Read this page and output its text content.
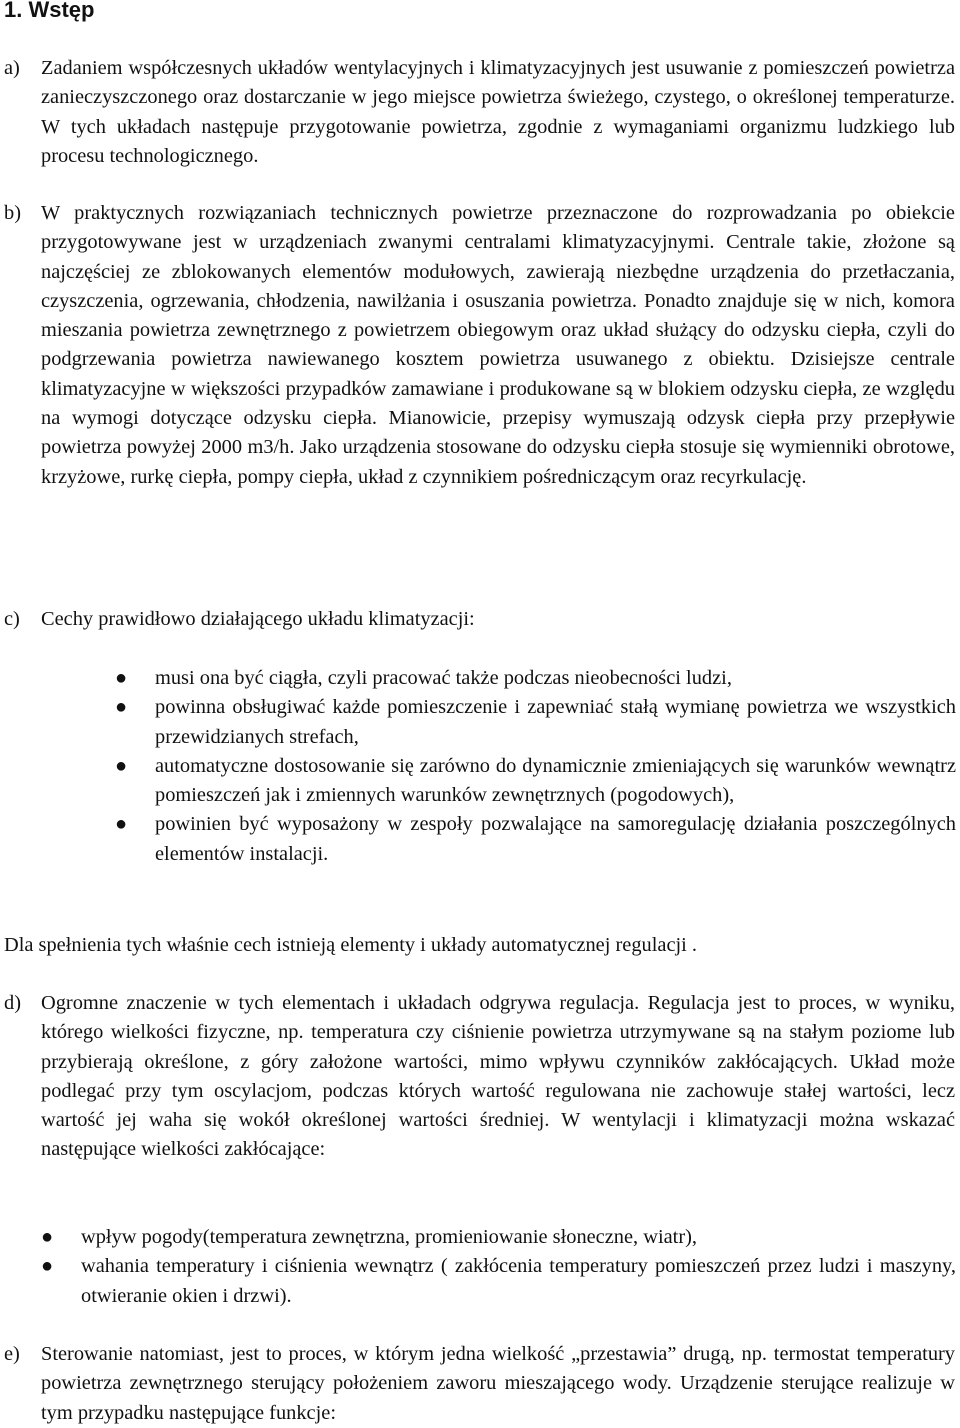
1. Wstęp
a) Zadaniem współczesnych układów wentylacyjnych i klimatyzacyjnych jest usuwanie z pomieszczeń powietrza zanieczyszczonego oraz dostarczanie w jego miejsce powietrza świeżego, czystego, o określonej temperaturze. W tych układach następuje przygotowanie powietrza, zgodnie z wymaganiami organizmu ludzkiego lub procesu technologicznego.
b) W praktycznych rozwiązaniach technicznych powietrze przeznaczone do rozprowadzania po obiekcie przygotowywane jest w urządzeniach zwanymi centralami klimatyzacyjnymi. Centrale takie, złożone są najczęściej ze zblokowanych elementów modułowych, zawierają niezbędne urządzenia do przetłaczania, czyszczenia, ogrzewania, chłodzenia, nawilżania i osuszania powietrza. Ponadto znajduje się w nich, komora mieszania powietrza zewnętrznego z powietrzem obiegowym oraz układ służący do odzysku ciepła, czyli do podgrzewania powietrza nawiewanego kosztem powietrza usuwanego z obiektu. Dzisiejsze centrale klimatyzacyjne w większości przypadków zamawiane i produkowane są w blokiem odzysku ciepła, ze względu na wymogi dotyczące odzysku ciepła. Mianowicie, przepisy wymuszają odzysk ciepła przy przepływie powietrza powyżej 2000 m3/h. Jako urządzenia stosowane do odzysku ciepła stosuje się wymienniki obrotowe, krzyżowe, rurkę ciepła, pompy ciepła, układ z czynnikiem pośredniczącym oraz recyrkulację.
c) Cechy prawidłowo działającego układu klimatyzacji:
● musi ona być ciągła, czyli pracować także podczas nieobecności ludzi,
● powinna obsługiwać każde pomieszczenie i zapewniać stałą wymianę powietrza we wszystkich przewidzianych strefach,
● automatyczne dostosowanie się zarówno do dynamicznie zmieniających się warunków wewnątrz pomieszczeń jak i zmiennych warunków zewnętrznych (pogodowych),
● powinien być wyposażony w zespoły pozwalające na samoregulację działania poszczególnych elementów instalacji.
Dla spełnienia tych właśnie cech istnieją elementy i układy automatycznej regulacji .
d) Ogromne znaczenie w tych elementach i układach odgrywa regulacja. Regulacja jest to proces, w wyniku, którego wielkości fizyczne, np. temperatura czy ciśnienie powietrza utrzymywane są na stałym poziome lub przybierają określone, z góry założone wartości, mimo wpływu czynników zakłócających. Układ może podlegać przy tym oscylacjom, podczas których wartość regulowana nie zachowuje stałej wartości, lecz wartość jej waha się wokół określonej wartości średniej. W wentylacji i klimatyzacji można wskazać następujące wielkości zakłócające:
● wpływ pogody(temperatura zewnętrzna, promieniowanie słoneczne, wiatr),
● wahania temperatury i ciśnienia wewnątrz ( zakłócenia temperatury pomieszczeń przez ludzi i maszyny, otwieranie okien i drzwi).
e) Sterowanie natomiast, jest to proces, w którym jedna wielkość „przestawia” drugą, np. termostat temperatury powietrza zewnętrznego sterujący położeniem zaworu mieszającego wody. Urządzenie sterujące realizuje w tym przypadku następujące funkcje:
